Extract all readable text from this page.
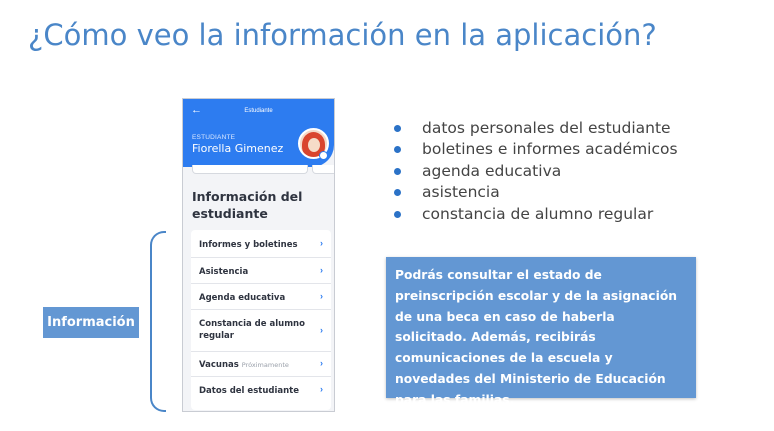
¿Cómo veo la información en la aplicación?
←	Estudiante
ESTUDIANTE
Fiorella Gimenez
Información del estudiante
Informes y boletines	›
Asistencia	›
Agenda educativa	›
Constancia de alumno regular
›
Vacunas Próximamente	›
Datos del estudiante	›
Información
datos personales del estudiante
boletines e informes académicos
agenda educativa
asistencia
constancia de alumno regular

Podrás consultar el estado de preinscripción escolar y de la asignación de una beca en caso de haberla solicitado. Además, recibirás comunicaciones de la escuela y novedades del Ministerio de Educación para las familias.
